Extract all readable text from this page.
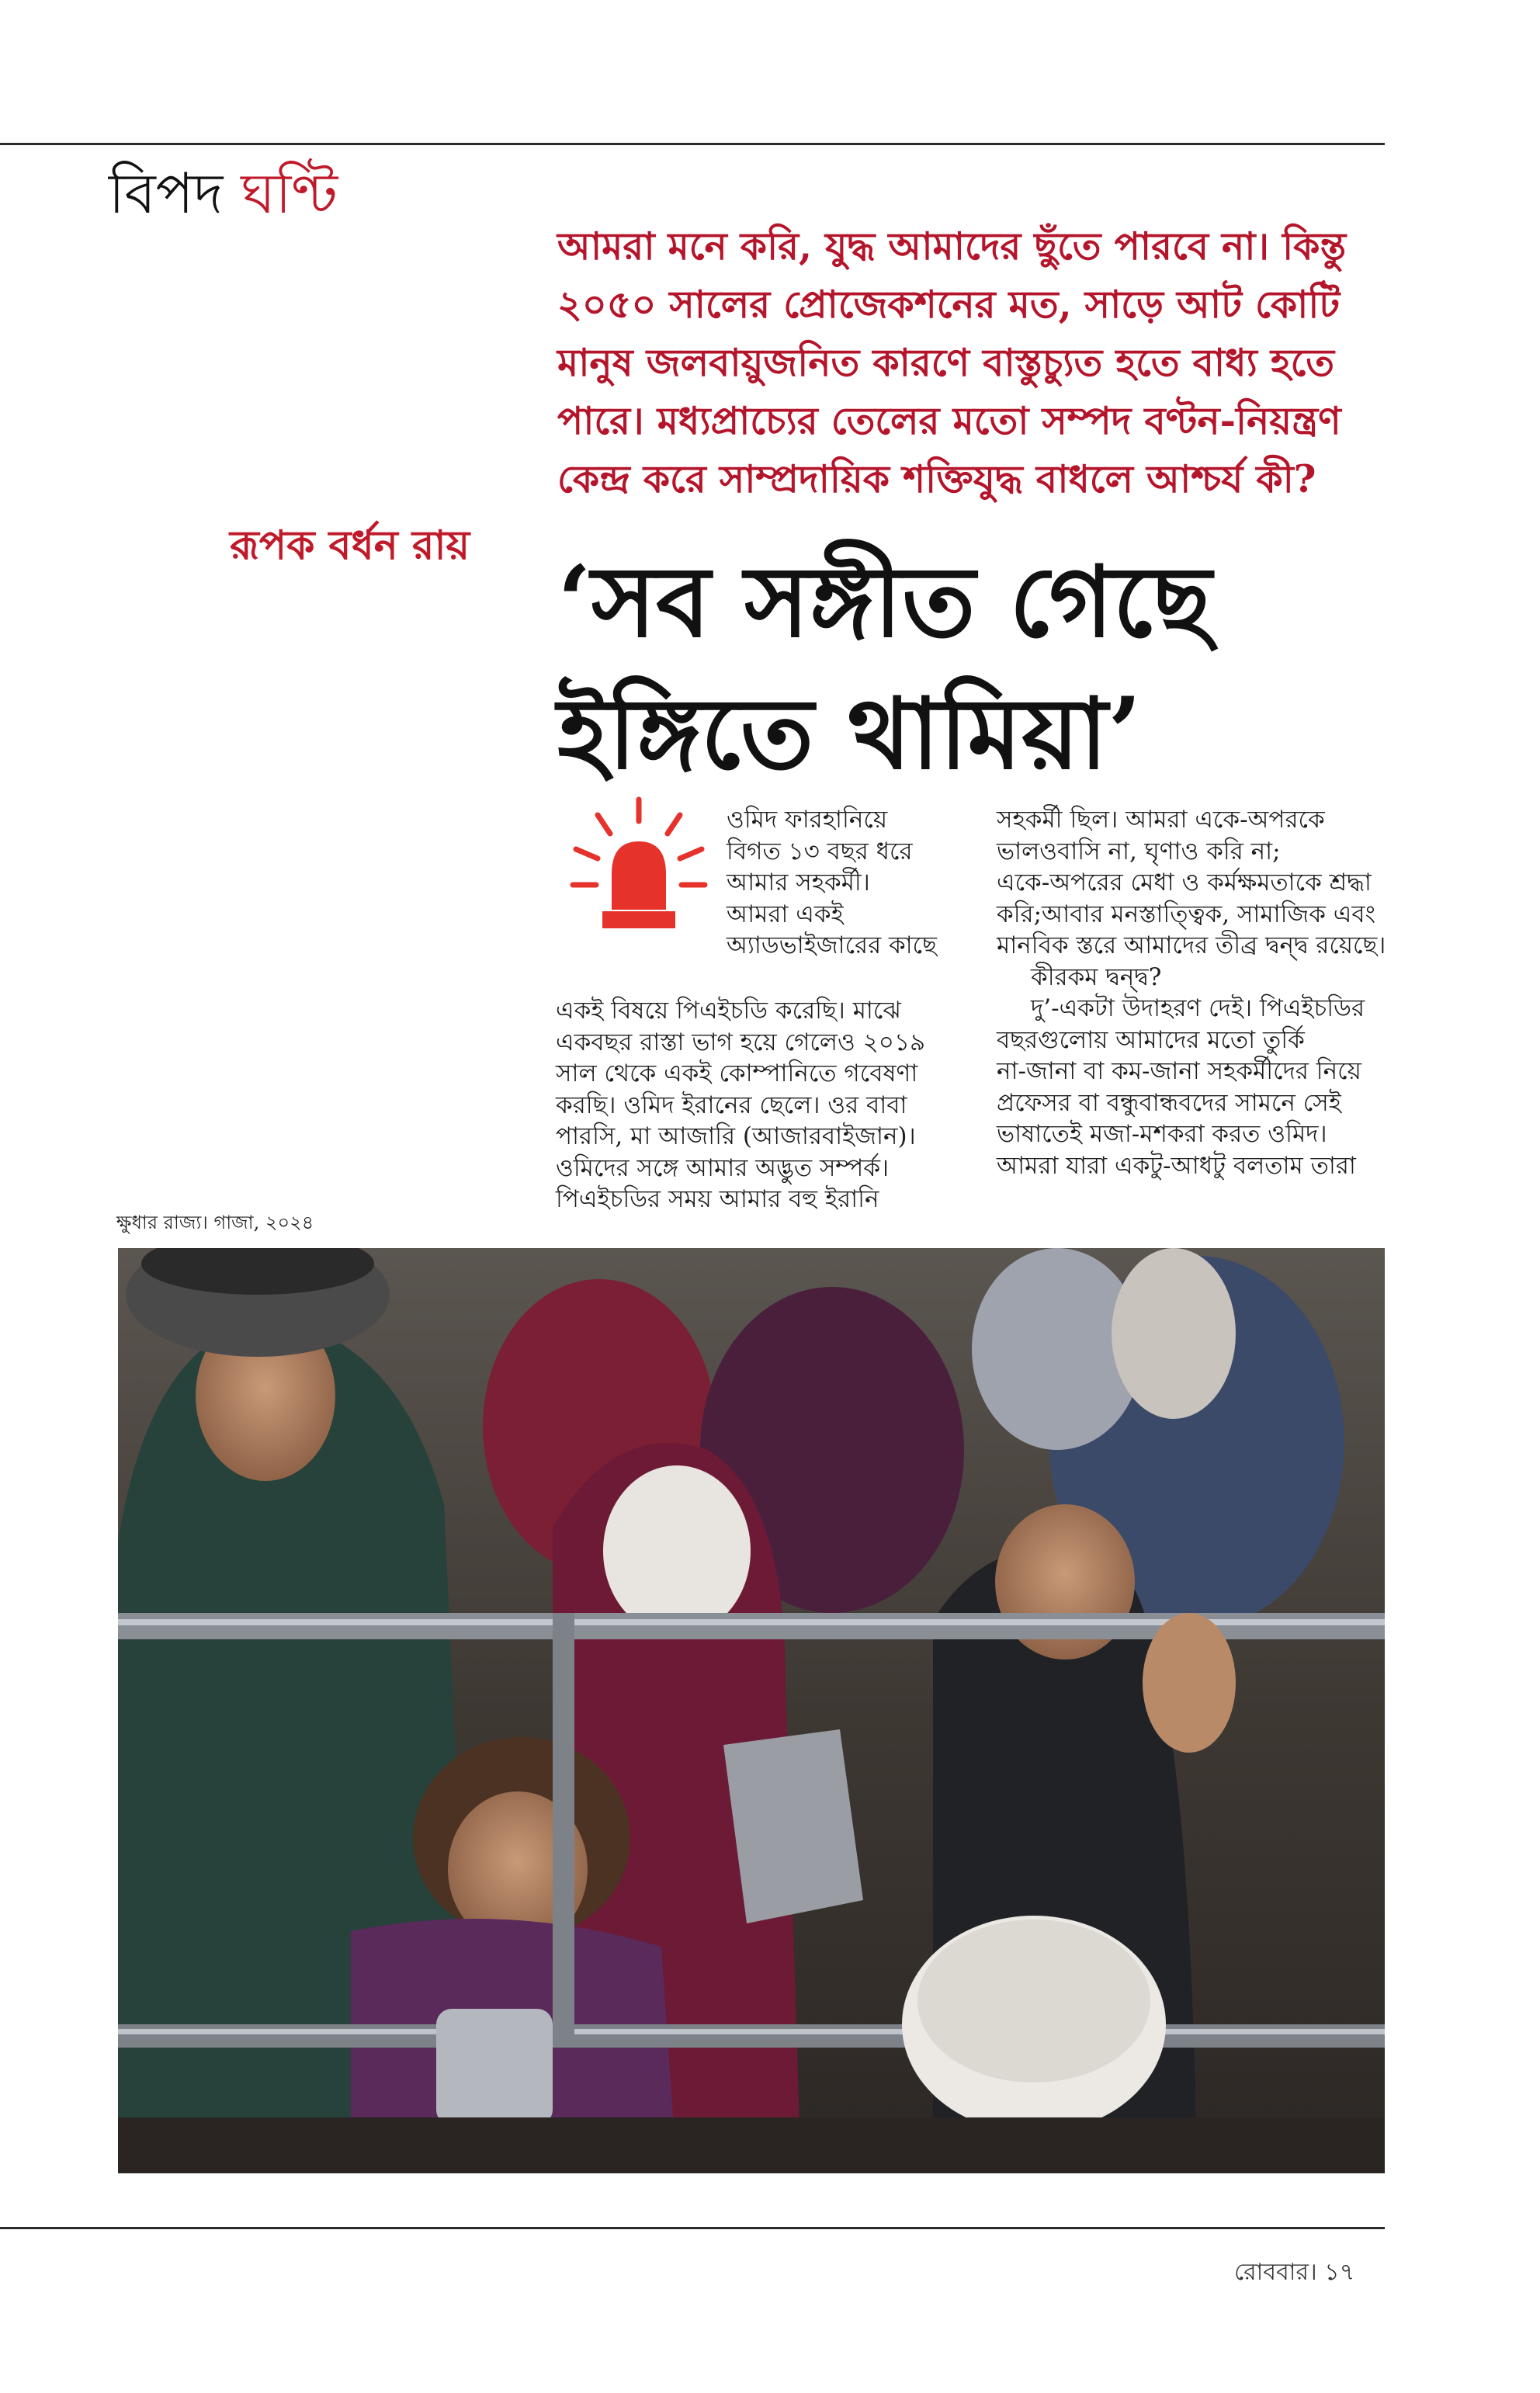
বিপদ ঘণ্টি

আমরা মনে করি, যুদ্ধ আমাদের ছুঁতে পারবে না। কিন্তু

২০৫০ সালের প্রোজেকশনের মত, সাড়ে আট কোটি

মানুষ জলবায়ুজনিত কারণে বাস্তুচ্যুত হতে বাধ্য হতে

পারে। মধ্যপ্রাচ্যের তেলের মতো সম্পদ বণ্টন-নিয়ন্ত্রণ

কেন্দ্র করে সাম্প্রদায়িক শক্তিযুদ্ধ বাধলে আশ্চর্য কী?

রূপক বর্ধন রায় ‘সব সঙ্গীত গেছে

ইঙ্গিতে থামিয়া’

ওমিদ ফারহানিয়ে

বিগত ১৩ বছর ধরে

আমার সহকর্মী।

আমরা একই

অ্যাডভাইজারের কাছে

একই বিষয়ে পিএইচডি করেছি। মাঝে

একবছর রাস্তা ভাগ হয়ে গেলেও ২০১৯

সাল থেকে একই কোম্পানিতে গবেষণা

করছি। ওমিদ ইরানের ছেলে। ওর বাবা

পারসি, মা আজারি (আজারবাইজান)।

ওমিদের সঙ্গে আমার অদ্ভুত সম্পর্ক।

পিএইচডির সময় আমার বহু ইরানি

সহকর্মী ছিল। আমরা একে-অপরকে

ভালওবাসি না, ঘৃণাও করি না;

একে-অপরের মেধা ও কর্মক্ষমতাকে শ্রদ্ধা

করি;আবার মনস্তাত্ত্বিক, সামাজিক এবং

মানবিক স্তরে আমাদের তীব্র দ্বন্দ্ব রয়েছে।

কীরকম দ্বন্দ্ব?

দু’-একটা উদাহরণ দেই। পিএইচডির

বছরগুলোয় আমাদের মতো তুর্কি

না-জানা বা কম-জানা সহকর্মীদের নিয়ে

প্রফেসর বা বন্ধুবান্ধবদের সামনে সেই

ভাষাতেই মজা-মশকরা করত ওমিদ।

আমরা যারা একটু-আধটু বলতাম তারা

ক্ষুধার রাজ্য। গাজা, ২০২৪
রোববার। ১৭
